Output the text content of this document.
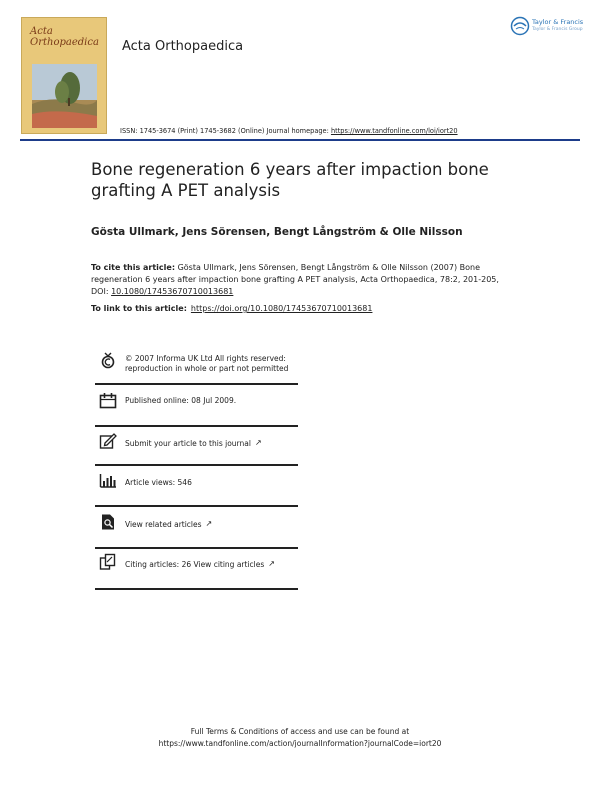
Acta
Orthopaedica	Acta Orthopaedica
Taylor & Francis
Taylor & Francis Group
ISSN: 1745-3674 (Print) 1745-3682 (Online) Journal homepage: https://www.tandfonline.com/loi/iort20
Bone regeneration 6 years after impaction bone grafting A PET analysis
Gösta Ullmark, Jens Sörensen, Bengt Långström & Olle Nilsson
To cite this article: Gösta Ullmark, Jens Sörensen, Bengt Långström & Olle Nilsson (2007) Bone regeneration 6 years after impaction bone grafting A PET analysis, Acta Orthopaedica, 78:2, 201-205, DOI: 10.1080/17453670710013681
To link to this article: https://doi.org/10.1080/17453670710013681
© 2007 Informa UK Ltd All rights reserved:
reproduction in whole or part not permitted
Published online: 08 Jul 2009.
Submit your article to this journal ↗
Article views: 546
View related articles ↗
Citing articles: 26 View citing articles ↗
Full Terms & Conditions of access and use can be found at
https://www.tandfonline.com/action/journalInformation?journalCode=iort20
